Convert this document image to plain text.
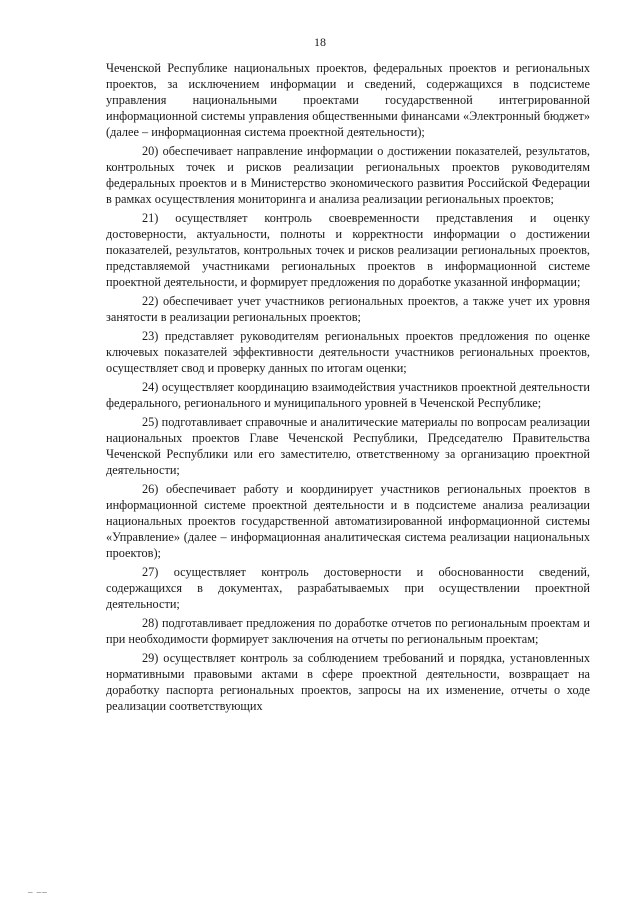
18

Чеченской Республике национальных проектов, федеральных проектов и региональных проектов, за исключением информации и сведений, содержащихся в подсистеме управления национальными проектами государственной интегрированной информационной системы управления общественными финансами «Электронный бюджет» (далее – информационная система проектной деятельности);

20) обеспечивает направление информации о достижении показателей, результатов, контрольных точек и рисков реализации региональных проектов руководителям федеральных проектов и в Министерство экономического развития Российской Федерации в рамках осуществления мониторинга и анализа реализации региональных проектов;

21) осуществляет контроль своевременности представления и оценку достоверности, актуальности, полноты и корректности информации о достижении показателей, результатов, контрольных точек и рисков реализации региональных проектов, представляемой участниками региональных проектов в информационной системе проектной деятельности, и формирует предложения по доработке указанной информации;

22) обеспечивает учет участников региональных проектов, а также учет их уровня занятости в реализации региональных проектов;

23) представляет руководителям региональных проектов предложения по оценке ключевых показателей эффективности деятельности участников региональных проектов, осуществляет свод и проверку данных по итогам оценки;

24) осуществляет координацию взаимодействия участников проектной деятельности федерального, регионального и муниципального уровней в Чеченской Республике;

25) подготавливает справочные и аналитические материалы по вопросам реализации национальных проектов Главе Чеченской Республики, Председателю Правительства Чеченской Республики или его заместителю, ответственному за организацию проектной деятельности;

26) обеспечивает работу и координирует участников региональных проектов в информационной системе проектной деятельности и в подсистеме анализа реализации национальных проектов государственной автоматизированной информационной системы «Управление» (далее – информационная аналитическая система реализации национальных проектов);

27) осуществляет контроль достоверности и обоснованности сведений, содержащихся в документах, разрабатываемых при осуществлении проектной деятельности;

28) подготавливает предложения по доработке отчетов по региональным проектам и при необходимости формирует заключения на отчеты по региональным проектам;

29) осуществляет контроль за соблюдением требований и порядка, установленных нормативными правовыми актами в сфере проектной деятельности, возвращает на доработку паспорта региональных проектов, запросы на их изменение, отчеты о ходе реализации соответствующих

– ––
